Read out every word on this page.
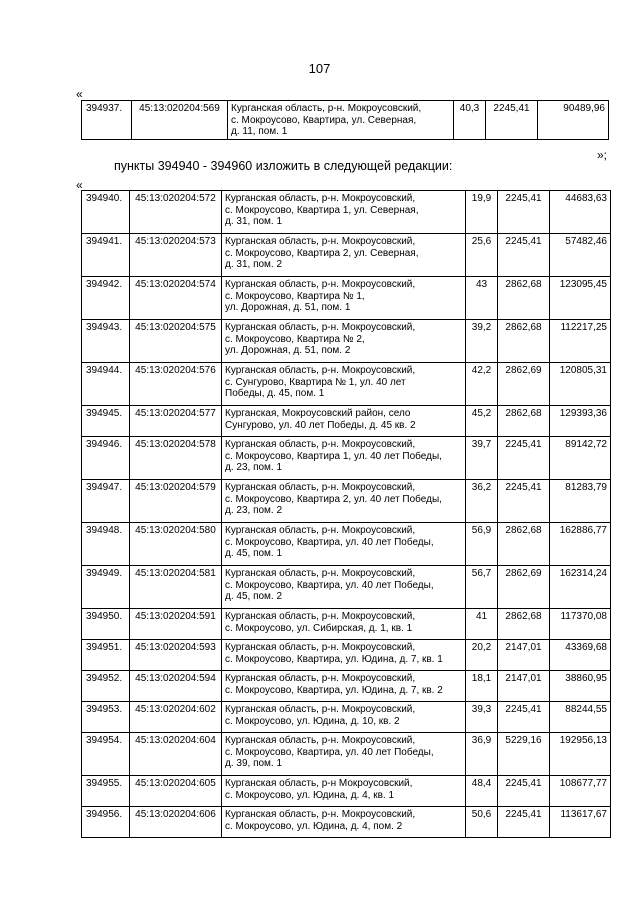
107
«
394937.	45:13:020204:569	Курганская область, р-н. Мокроусовский,
с. Мокроусово, Квартира, ул. Северная,
д. 11, пом. 1
	40,3	2245,41	90489,96
»;
пункты 394940 - 394960 изложить в следующей редакции:
«
394940.	45:13:020204:572	Курганская область, р-н. Мокроусовский,
с. Мокроусово, Квартира 1, ул. Северная,
д. 31, пом. 1	19,9	2245,41	44683,63
394941.	45:13:020204:573	Курганская область, р-н. Мокроусовский,
с. Мокроусово, Квартира 2, ул. Северная,
д. 31, пом. 2	25,6	2245,41	57482,46
394942.	45:13:020204:574	Курганская область, р-н. Мокроусовский,
с. Мокроусово, Квартира № 1,
ул. Дорожная, д. 51, пом. 1	43	2862,68	123095,45
394943.	45:13:020204:575	Курганская область, р-н. Мокроусовский,
с. Мокроусово, Квартира № 2,
ул. Дорожная, д. 51, пом. 2	39,2	2862,68	112217,25
394944.	45:13:020204:576	Курганская область, р-н. Мокроусовский,
с. Сунгурово, Квартира № 1, ул. 40 лет
Победы, д. 45, пом. 1	42,2	2862,69	120805,31
394945.	45:13:020204:577	Курганская, Мокроусовский район, село
Сунгурово, ул. 40 лет Победы, д. 45 кв. 2	45,2	2862,68	129393,36
394946.	45:13:020204:578	Курганская область, р-н. Мокроусовский,
с. Мокроусово, Квартира 1, ул. 40 лет Победы,
д. 23, пом. 1	39,7	2245,41	89142,72
394947.	45:13:020204:579	Курганская область, р-н. Мокроусовский,
с. Мокроусово, Квартира 2, ул. 40 лет Победы,
д. 23, пом. 2	36,2	2245,41	81283,79
394948.	45:13:020204:580	Курганская область, р-н. Мокроусовский,
с. Мокроусово, Квартира, ул. 40 лет Победы,
д. 45, пом. 1	56,9	2862,68	162886,77
394949.	45:13:020204:581	Курганская область, р-н. Мокроусовский,
с. Мокроусово, Квартира, ул. 40 лет Победы,
д. 45, пом. 2	56,7	2862,69	162314,24
394950.	45:13:020204:591	Курганская область, р-н. Мокроусовский,
с. Мокроусово, ул. Сибирская, д. 1, кв. 1	41	2862,68	117370,08
394951.	45:13:020204:593	Курганская область, р-н. Мокроусовский,
с. Мокроусово, Квартира, ул. Юдина, д. 7, кв. 1	20,2	2147,01	43369,68
394952.	45:13:020204:594	Курганская область, р-н. Мокроусовский,
с. Мокроусово, Квартира, ул. Юдина, д. 7, кв. 2	18,1	2147,01	38860,95
394953.	45:13:020204:602	Курганская область, р-н. Мокроусовский,
с. Мокроусово, ул. Юдина, д. 10, кв. 2	39,3	2245,41	88244,55
394954.	45:13:020204:604	Курганская область, р-н. Мокроусовский,
с. Мокроусово, Квартира, ул. 40 лет Победы,
д. 39, пом. 1	36,9	5229,16	192956,13
394955.	45:13:020204:605	Курганская область, р-н Мокроусовский,
с. Мокроусово, ул. Юдина, д. 4, кв. 1	48,4	2245,41	108677,77
394956.	45:13:020204:606	Курганская область, р-н. Мокроусовский,
с. Мокроусово, ул. Юдина, д. 4, пом. 2	50,6	2245,41	113617,67
